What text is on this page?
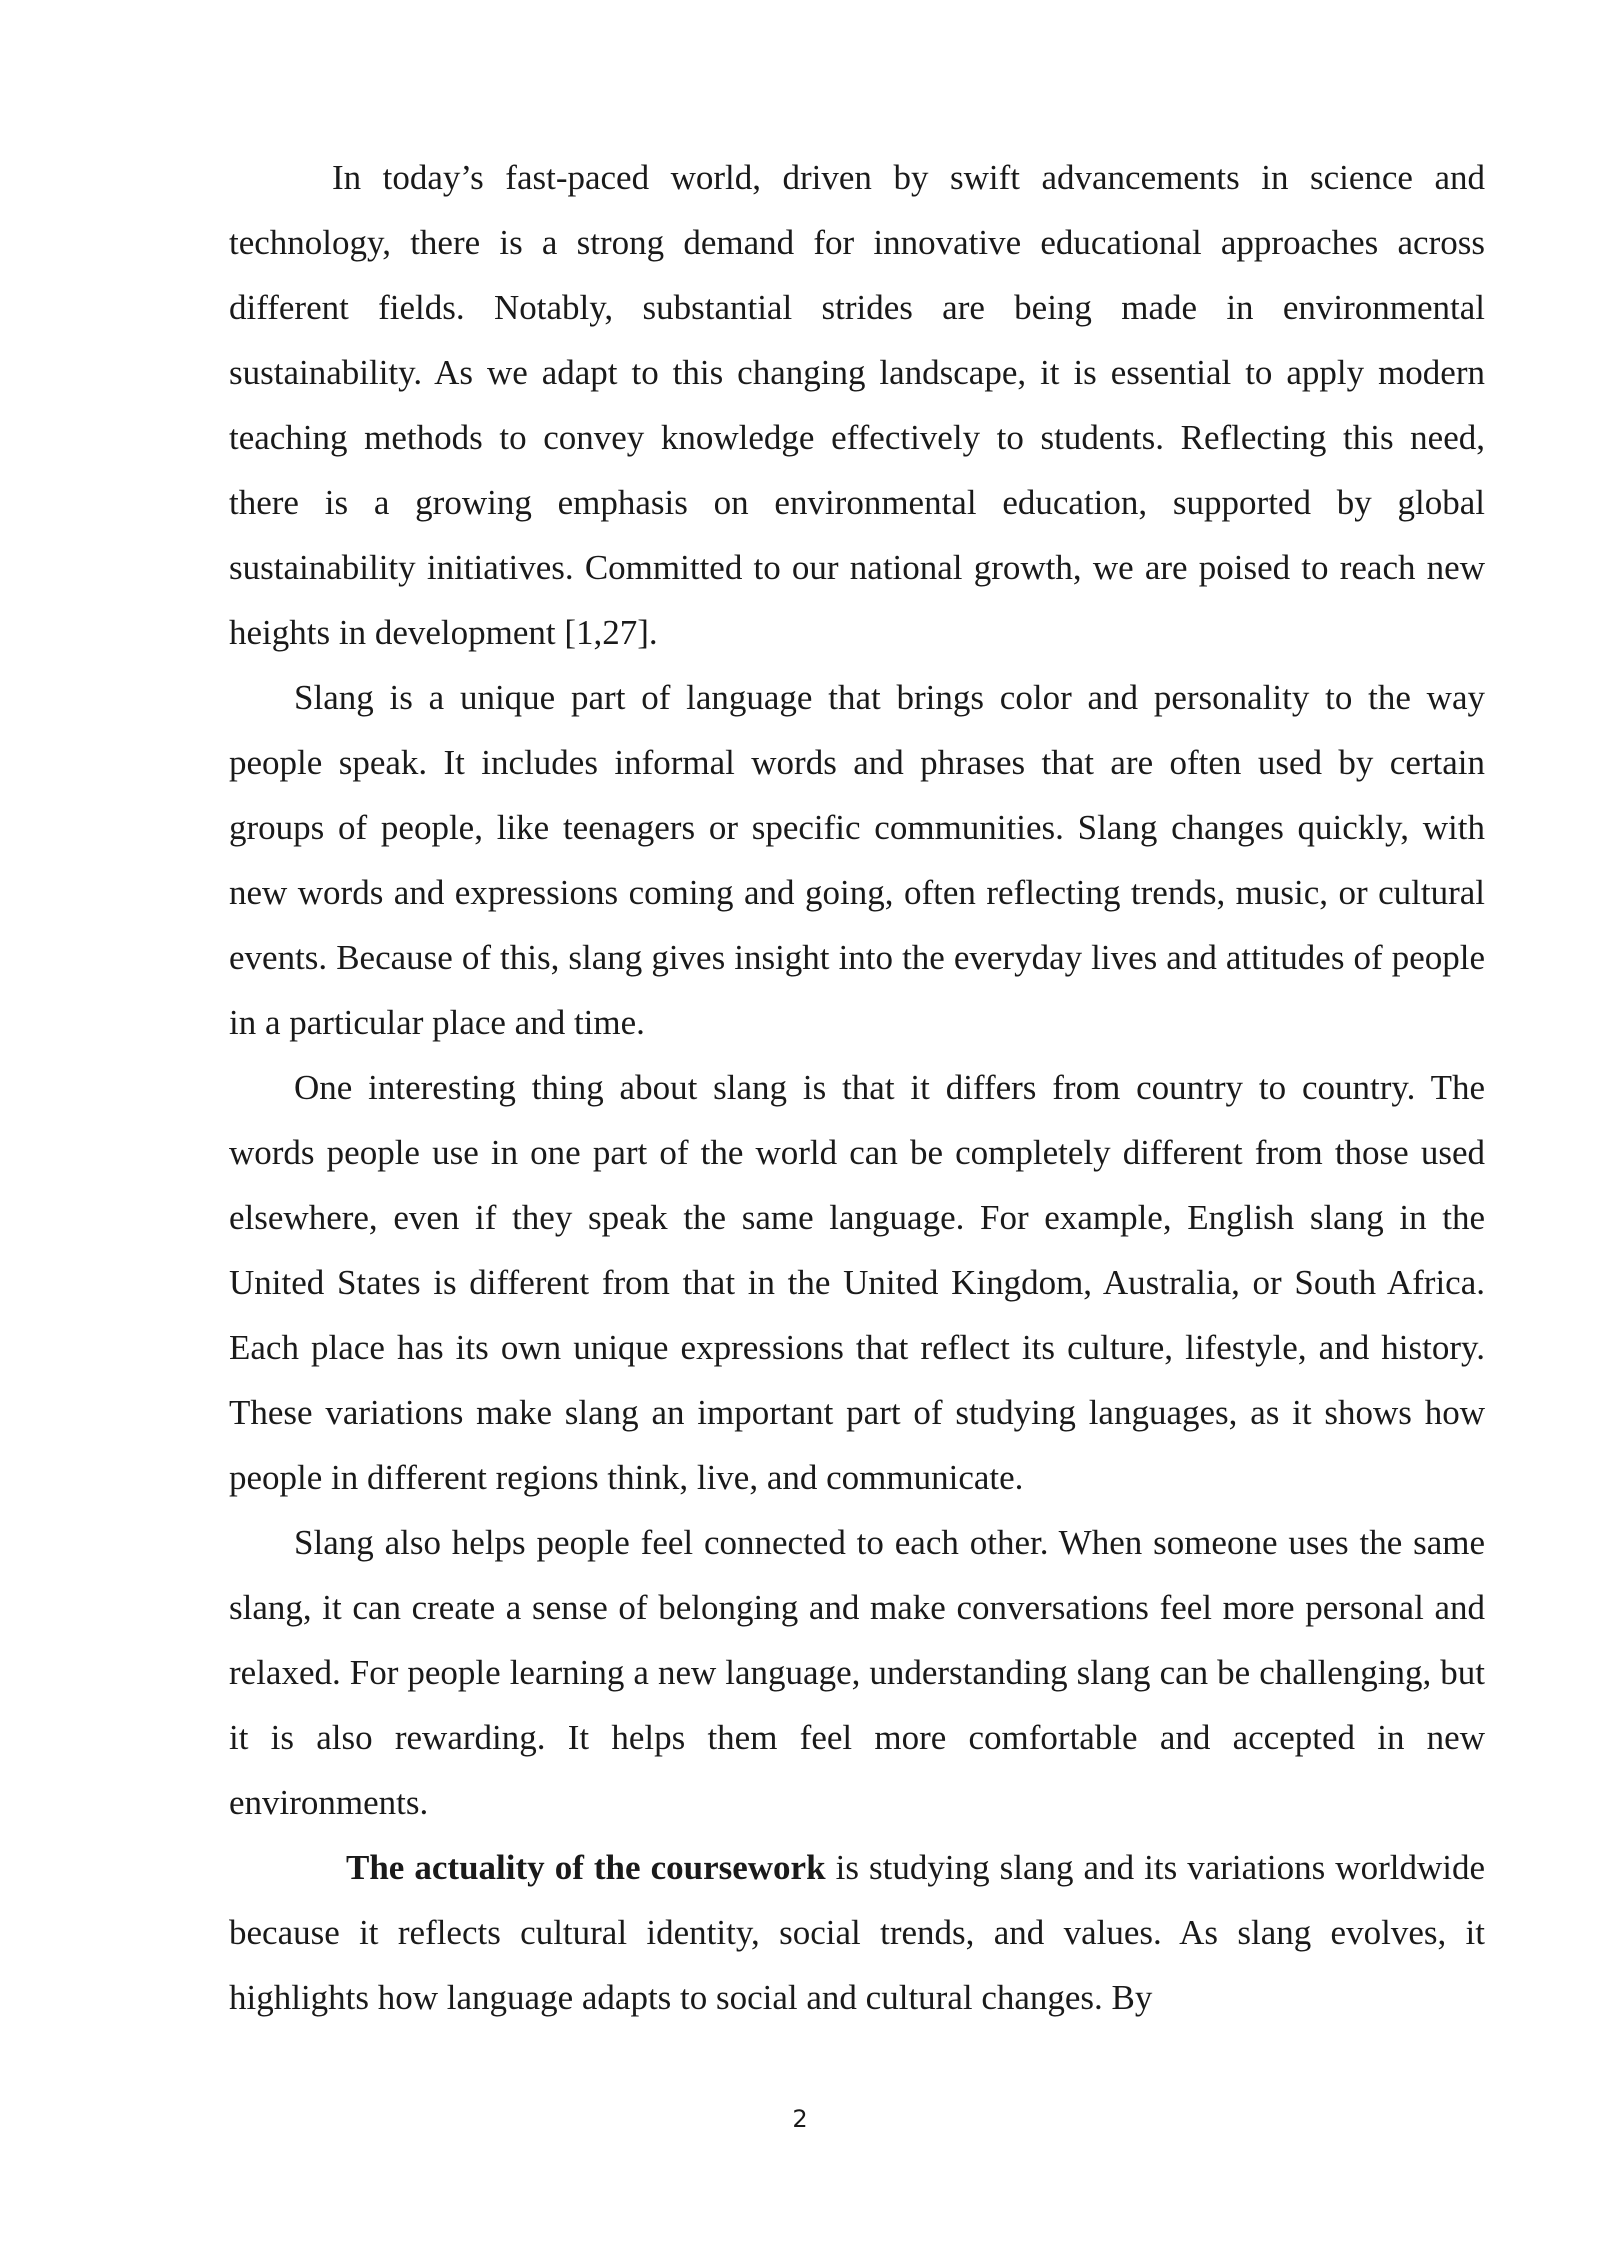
In today’s fast-paced world, driven by swift advancements in science and technology, there is a strong demand for innovative educational approaches across different fields. Notably, substantial strides are being made in environmental sustainability. As we adapt to this changing landscape, it is essential to apply modern teaching methods to convey knowledge effectively to students. Reflecting this need, there is a growing emphasis on environmental education, supported by global sustainability initiatives. Committed to our national growth, we are poised to reach new heights in development [1,27].

Slang is a unique part of language that brings color and personality to the way people speak. It includes informal words and phrases that are often used by certain groups of people, like teenagers or specific communities. Slang changes quickly, with new words and expressions coming and going, often reflecting trends, music, or cultural events. Because of this, slang gives insight into the everyday lives and attitudes of people in a particular place and time.

One interesting thing about slang is that it differs from country to country. The words people use in one part of the world can be completely different from those used elsewhere, even if they speak the same language. For example, English slang in the United States is different from that in the United Kingdom, Australia, or South Africa. Each place has its own unique expressions that reflect its culture, lifestyle, and history. These variations make slang an important part of studying languages, as it shows how people in different regions think, live, and communicate.

Slang also helps people feel connected to each other. When someone uses the same slang, it can create a sense of belonging and make conversations feel more personal and relaxed. For people learning a new language, understanding slang can be challenging, but it is also rewarding. It helps them feel more comfortable and accepted in new environments.

The actuality of the coursework is studying slang and its variations worldwide because it reflects cultural identity, social trends, and values. As slang evolves, it highlights how language adapts to social and cultural changes. By

2
